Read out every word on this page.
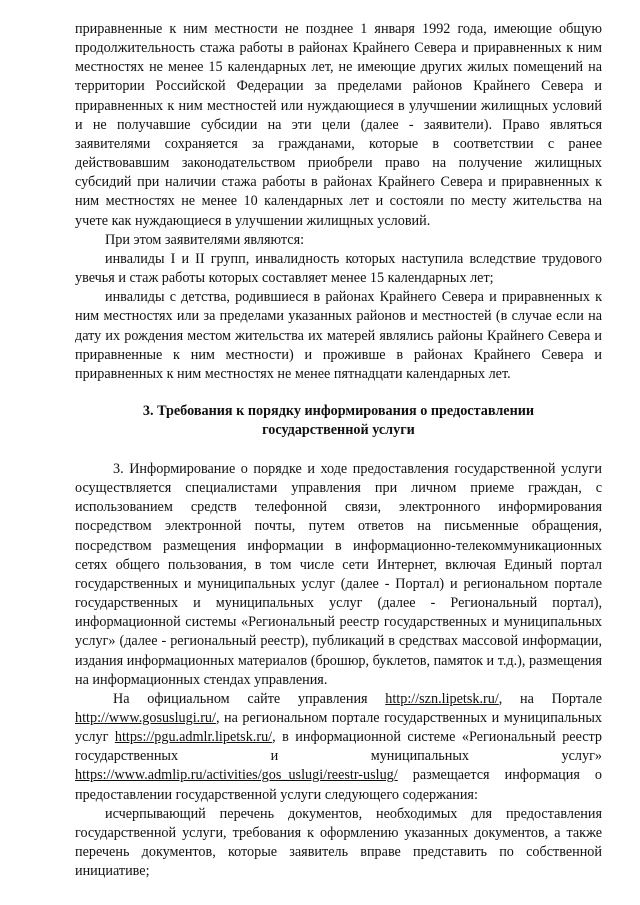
приравненные к ним местности не позднее 1 января 1992 года, имеющие общую продолжительность стажа работы в районах Крайнего Севера и приравненных к ним местностях не менее 15 календарных лет, не имеющие других жилых помещений на территории Российской Федерации за пределами районов Крайнего Севера и приравненных к ним местностей или нуждающиеся в улучшении жилищных условий и не получавшие субсидии на эти цели (далее - заявители). Право являться заявителями сохраняется за гражданами, которые в соответствии с ранее действовавшим законодательством приобрели право на получение жилищных субсидий при наличии стажа работы в районах Крайнего Севера и приравненных к ним местностях не менее 10 календарных лет и состояли по месту жительства на учете как нуждающиеся в улучшении жилищных условий.

При этом заявителями являются:

инвалиды I и II групп, инвалидность которых наступила вследствие трудового увечья и стаж работы которых составляет менее 15 календарных лет;

инвалиды с детства, родившиеся в районах Крайнего Севера и приравненных к ним местностях или за пределами указанных районов и местностей (в случае если на дату их рождения местом жительства их матерей являлись районы Крайнего Севера и приравненные к ним местности) и проживше в районах Крайнего Севера и приравненных к ним местностях не менее пятнадцати календарных лет.

3. Требования к порядку информирования о предоставлении
государственной услуги

3. Информирование о порядке и ходе предоставления государственной услуги осуществляется специалистами управления при личном приеме граждан, с использованием средств телефонной связи, электронного информирования посредством электронной почты, путем ответов на письменные обращения, посредством размещения информации в информационно-телекоммуникационных сетях общего пользования, в том числе сети Интернет, включая Единый портал государственных и муниципальных услуг (далее - Портал) и региональном портале государственных и муниципальных услуг (далее - Региональный портал), информационной системы «Региональный реестр государственных и муниципальных услуг» (далее - региональный реестр), публикаций в средствах массовой информации, издания информационных материалов (брошюр, буклетов, памяток и т.д.), размещения на информационных стендах управления.

На официальном сайте управления http://szn.lipetsk.ru/, на Портале http://www.gosuslugi.ru/, на региональном портале государственных и муниципальных услуг https://pgu.admlr.lipetsk.ru/, в информационной системе «Региональный реестр государственных и муниципальных услуг» https://www.admlip.ru/activities/gos_uslugi/reestr-uslug/ размещается информация о предоставлении государственной услуги следующего содержания:

исчерпывающий перечень документов, необходимых для предоставления государственной услуги, требования к оформлению указанных документов, а также перечень документов, которые заявитель вправе представить по собственной инициативе;
